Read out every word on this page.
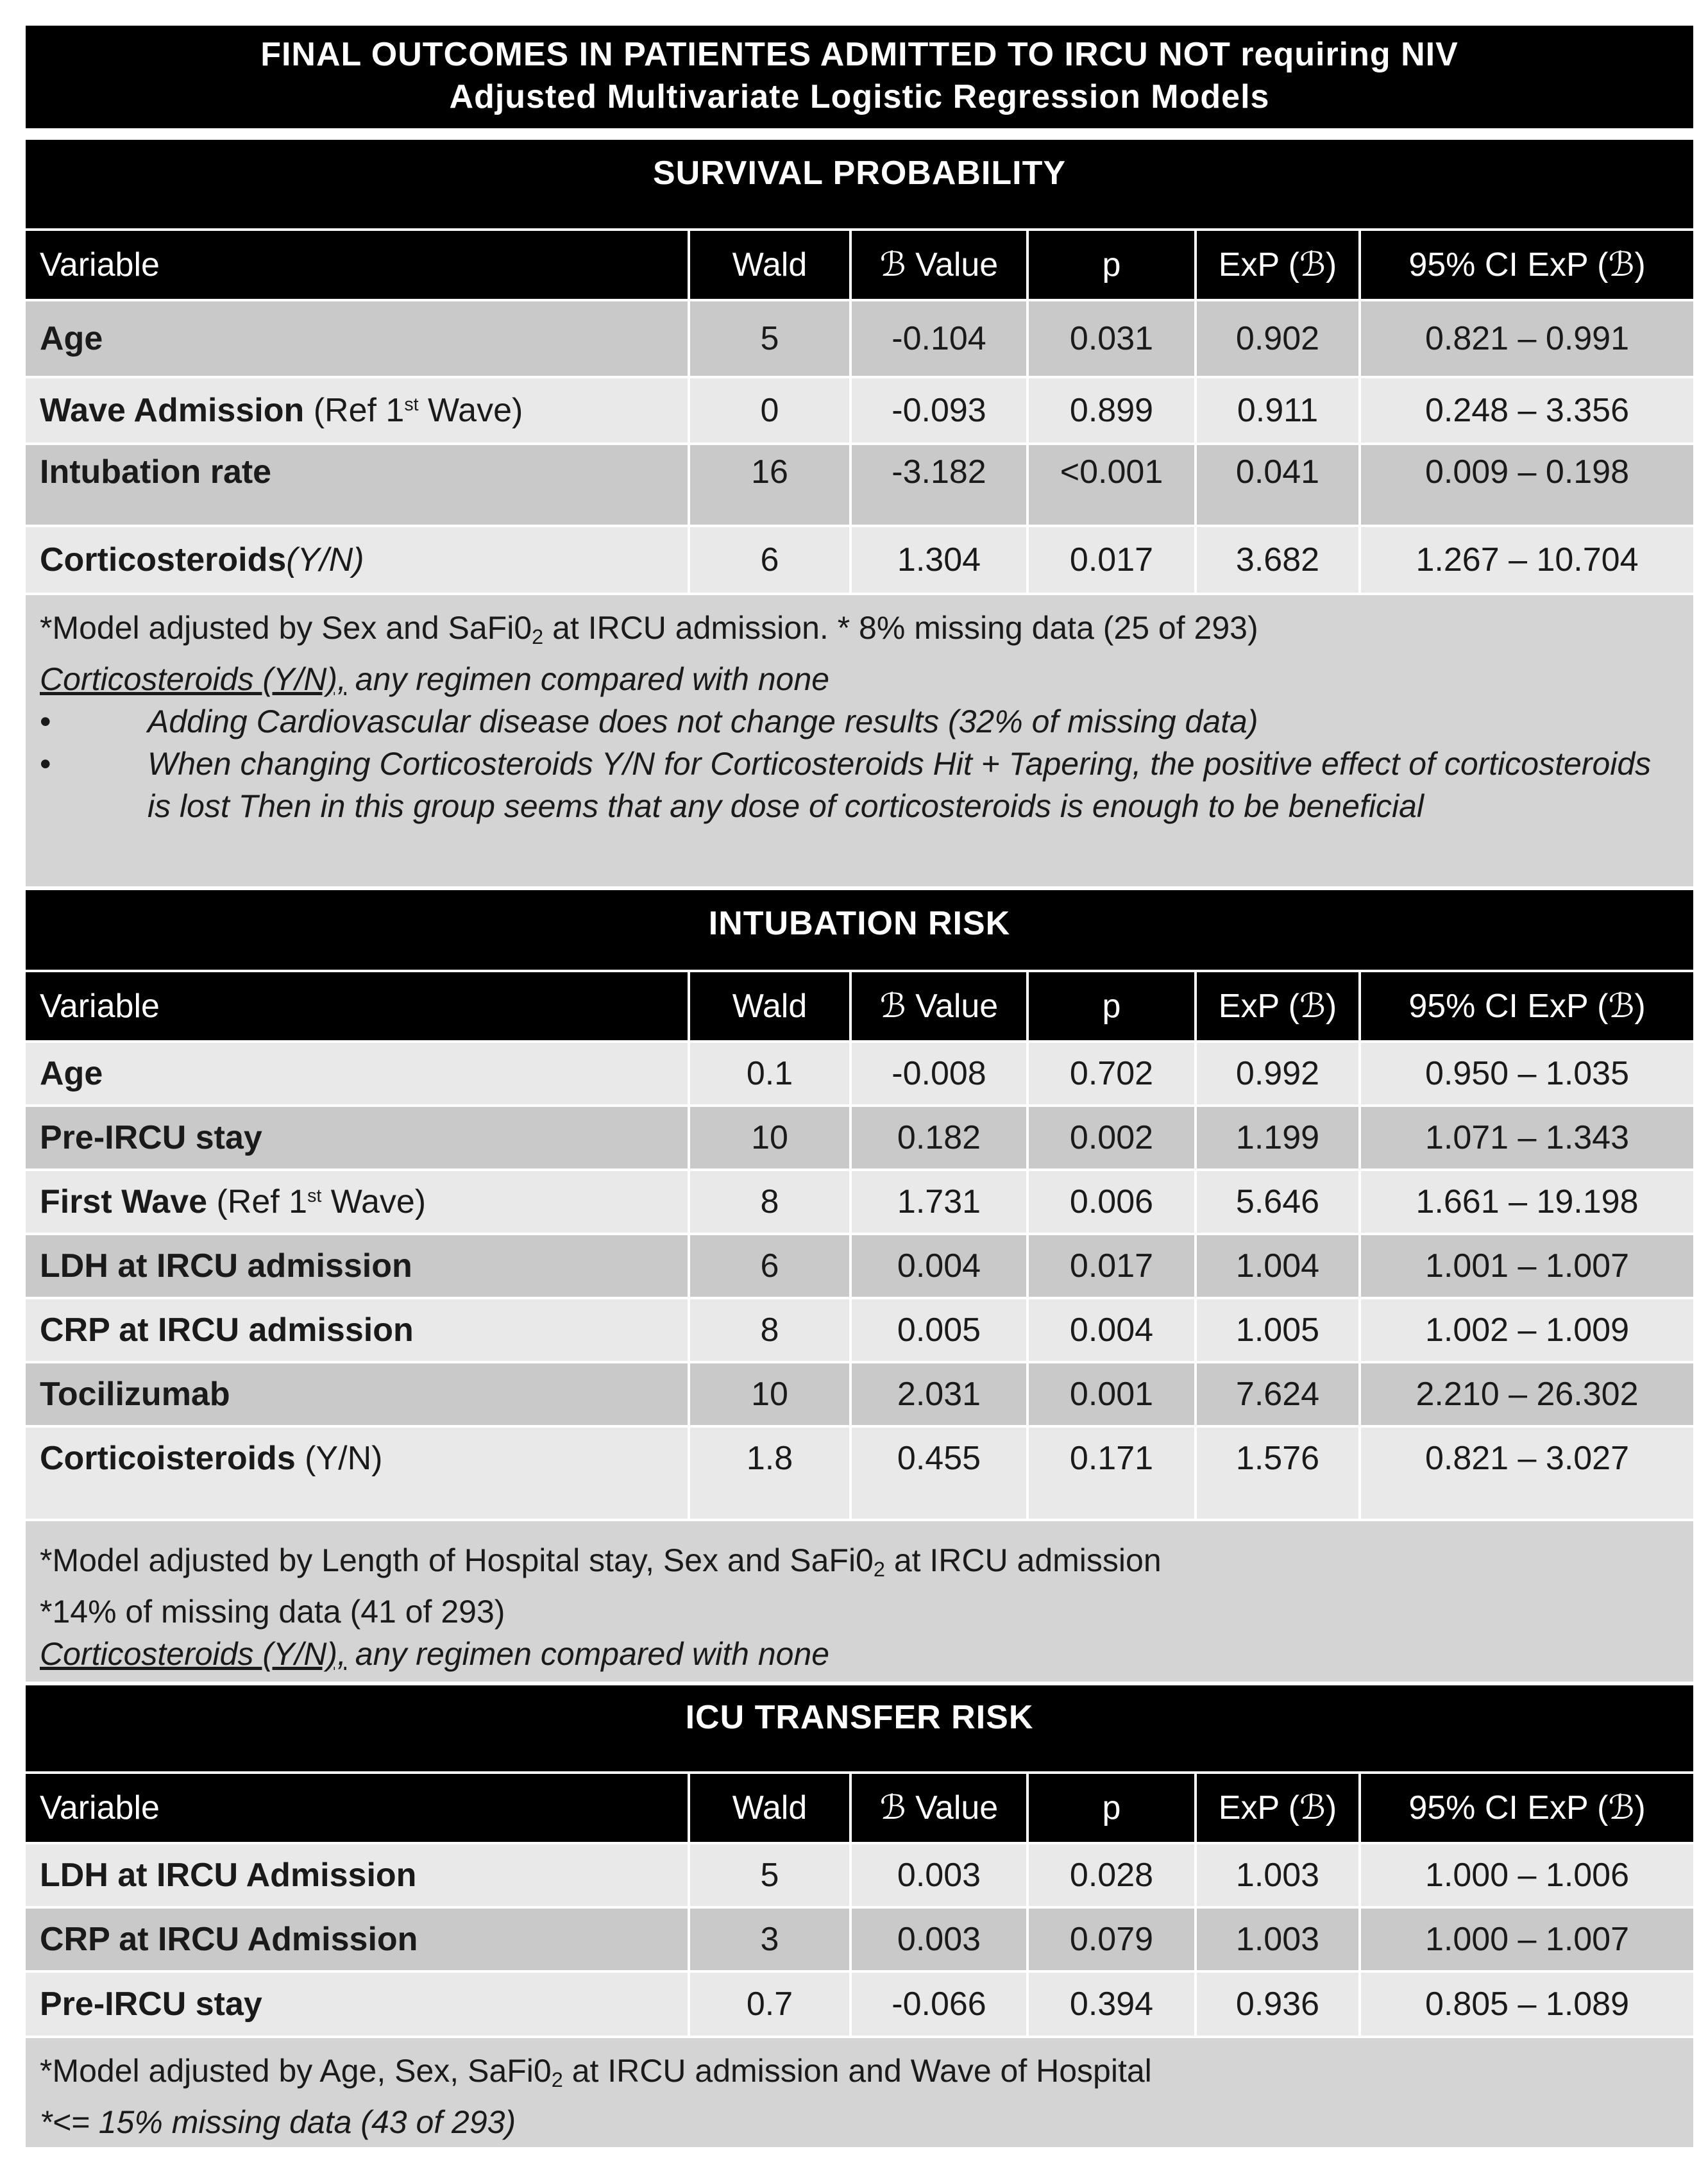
FINAL OUTCOMES IN PATIENTES ADMITTED TO IRCU NOT requiring NIV
Adjusted Multivariate Logistic Regression Models
SURVIVAL PROBABILITY
Variable	Wald	ℬ Value	p	ExP (ℬ)	95% CI ExP (ℬ)
Age	5	-0.104	0.031	0.902	0.821 – 0.991
Wave Admission (Ref 1st Wave)	0	-0.093	0.899	0.911	0.248 – 3.356
Intubation rate	16	-3.182	<0.001	0.041	0.009 – 0.198
Corticosteroids(Y/N)	6	1.304	0.017	3.682	1.267 – 10.704
*Model adjusted by Sex and $SaFi0_2$ at IRCU admission. * 8% missing data (25 of 293)
Corticosteroids (Y/N), any regimen compared with none
•	Adding Cardiovascular disease does not change results (32% of missing data)
•	When changing Corticosteroids Y/N for Corticosteroids Hit + Tapering, the positive effect of corticosteroids is lost Then in this group seems that any dose of corticosteroids is enough to be beneficial
INTUBATION RISK
Variable	Wald	ℬ Value	p	ExP (ℬ)	95% CI ExP (ℬ)
Age	0.1	-0.008	0.702	0.992	0.950 – 1.035
Pre-IRCU stay	10	0.182	0.002	1.199	1.071 – 1.343
First Wave (Ref 1st Wave)	8	1.731	0.006	5.646	1.661 – 19.198
LDH at IRCU admission	6	0.004	0.017	1.004	1.001 – 1.007
CRP at IRCU admission	8	0.005	0.004	1.005	1.002 – 1.009
Tocilizumab	10	2.031	0.001	7.624	2.210 – 26.302
Corticoisteroids (Y/N)	1.8	0.455	0.171	1.576	0.821 – 3.027
*Model adjusted by Length of Hospital stay, Sex and $SaFi0_2$ at IRCU admission
*14% of missing data (41 of 293)
Corticosteroids (Y/N), any regimen compared with none
ICU TRANSFER RISK
Variable	Wald	ℬ Value	p	ExP (ℬ)	95% CI ExP (ℬ)
LDH at IRCU Admission	5	0.003	0.028	1.003	1.000 – 1.006
CRP at IRCU Admission	3	0.003	0.079	1.003	1.000 – 1.007
Pre-IRCU stay	0.7	-0.066	0.394	0.936	0.805 – 1.089
*Model adjusted by Age, Sex, $SaFi0_2$ at IRCU admission and Wave of Hospital
*<= 15% missing data (43 of 293)
